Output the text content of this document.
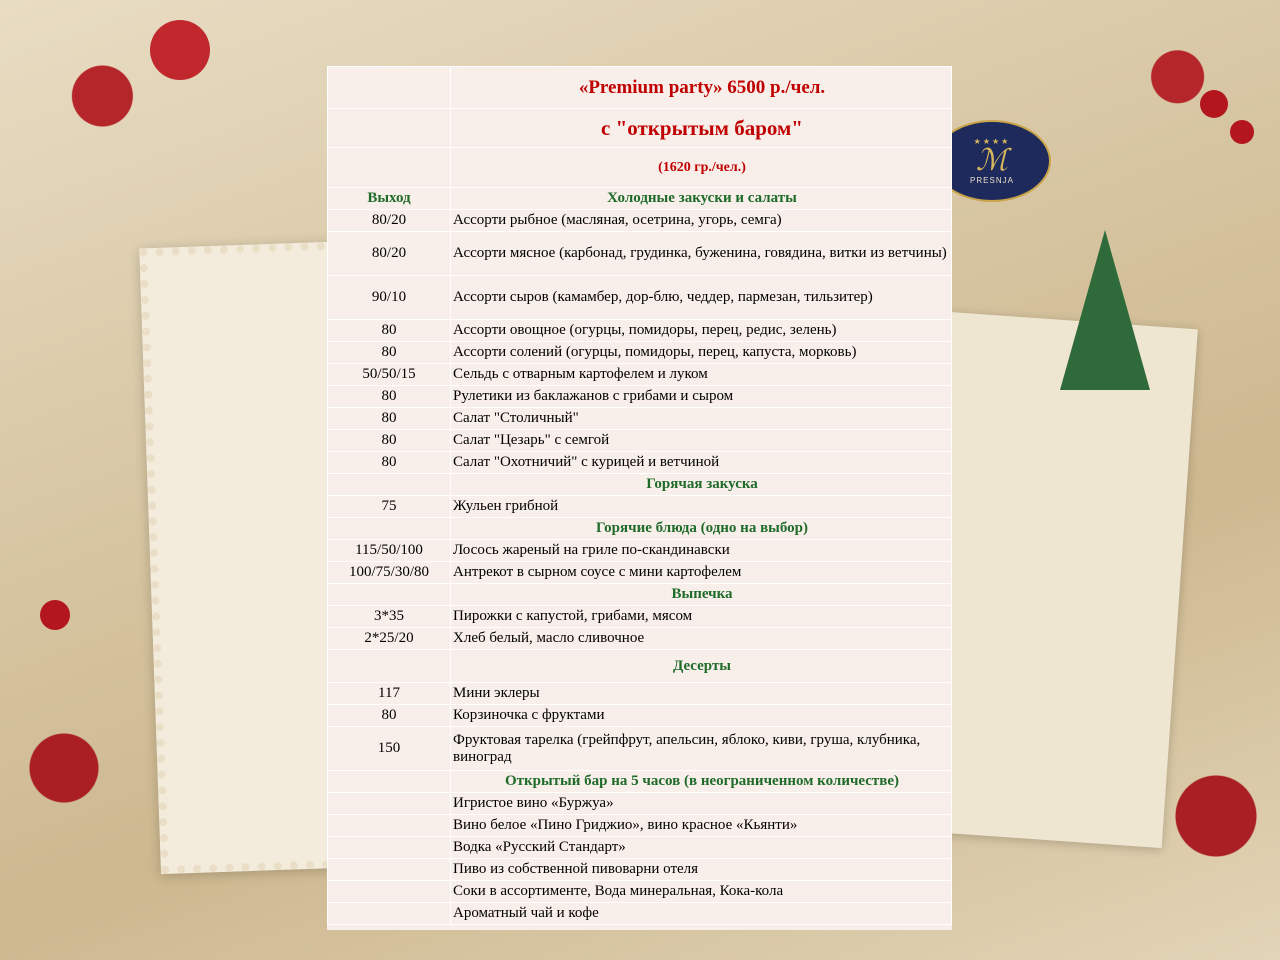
★★★★
ℳ
PRESNJA
	«Premium party» 6500 р./чел.
	с "открытым баром"
	(1620 гр./чел.)
Выход	Холодные закуски и салаты
80/20	Ассорти рыбное (масляная, осетрина, угорь, семга)
80/20	Ассорти мясное (карбонад, грудинка, буженина, говядина, витки из ветчины)
90/10	Ассорти сыров (камамбер, дор-блю, чеддер, пармезан, тильзитер)
80	Ассорти овощное (огурцы, помидоры, перец, редис, зелень)
80	Ассорти солений (огурцы, помидоры, перец, капуста, морковь)
50/50/15	Сельдь с отварным картофелем и луком
80	Рулетики из баклажанов с грибами и сыром
80	Салат "Столичный"
80	Салат "Цезарь" с семгой
80	Салат "Охотничий" с курицей и ветчиной
	Горячая закуска
75	Жульен грибной
	Горячие блюда (одно на выбор)
115/50/100	Лосось жареный на гриле по-скандинавски
100/75/30/80	Антрекот в сырном соусе с мини картофелем
	Выпечка
3*35	Пирожки с капустой, грибами, мясом
2*25/20	Хлеб белый, масло сливочное
	Десерты
117	Мини эклеры
80	Корзиночка с фруктами
150	Фруктовая тарелка (грейпфрут, апельсин, яблоко, киви, груша, клубника, виноград
	Открытый бар на 5 часов (в неограниченном количестве)
	Игристое вино «Буржуа»
	Вино белое «Пино Гриджио», вино красное «Кьянти»
	Водка «Русский Стандарт»
	Пиво из собственной пивоварни отеля
	Соки в ассортименте, Вода минеральная, Кока-кола
	Ароматный чай и кофе
